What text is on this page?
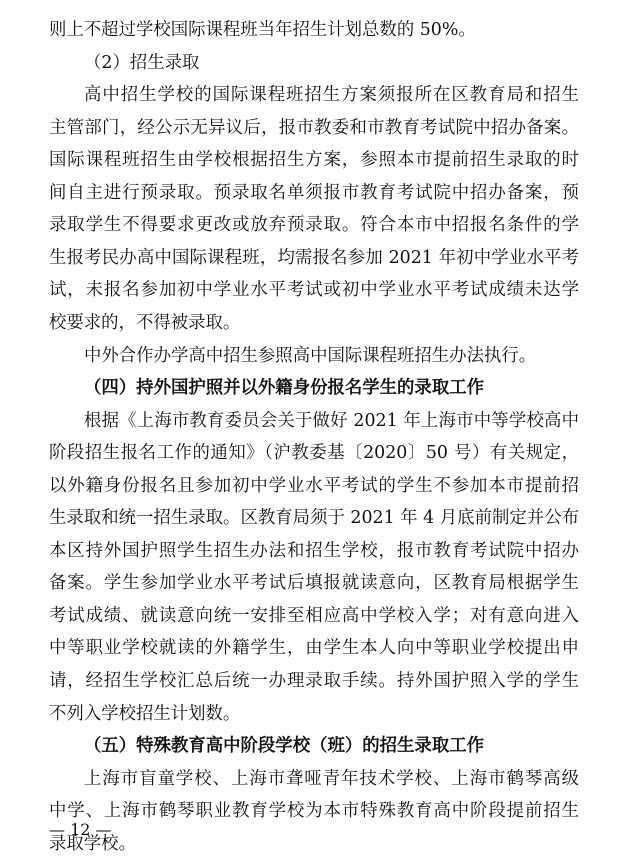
则上不超过学校国际课程班当年招生计划总数的 50%。
（2）招生录取
高中招生学校的国际课程班招生方案须报所在区教育局和招生
主管部门，经公示无异议后，报市教委和市教育考试院中招办备案。
国际课程班招生由学校根据招生方案，参照本市提前招生录取的时
间自主进行预录取。预录取名单须报市教育考试院中招办备案，预
录取学生不得要求更改或放弃预录取。符合本市中招报名条件的学
生报考民办高中国际课程班，均需报名参加 2021 年初中学业水平考
试，未报名参加初中学业水平考试或初中学业水平考试成绩未达学
校要求的，不得被录取。
中外合作办学高中招生参照高中国际课程班招生办法执行。
（四）持外国护照并以外籍身份报名学生的录取工作
根据《上海市教育委员会关于做好 2021 年上海市中等学校高中
阶段招生报名工作的通知》（沪教委基〔2020〕50 号）有关规定，
以外籍身份报名且参加初中学业水平考试的学生不参加本市提前招
生录取和统一招生录取。区教育局须于 2021 年 4 月底前制定并公布
本区持外国护照学生招生办法和招生学校，报市教育考试院中招办
备案。学生参加学业水平考试后填报就读意向，区教育局根据学生
考试成绩、就读意向统一安排至相应高中学校入学；对有意向进入
中等职业学校就读的外籍学生，由学生本人向中等职业学校提出申
请，经招生学校汇总后统一办理录取手续。持外国护照入学的学生
不列入学校招生计划数。
（五）特殊教育高中阶段学校（班）的招生录取工作
上海市盲童学校、上海市聋哑青年技术学校、上海市鹤琴高级
中学、上海市鹤琴职业教育学校为本市特殊教育高中阶段提前招生
录取学校。
— 12 —
